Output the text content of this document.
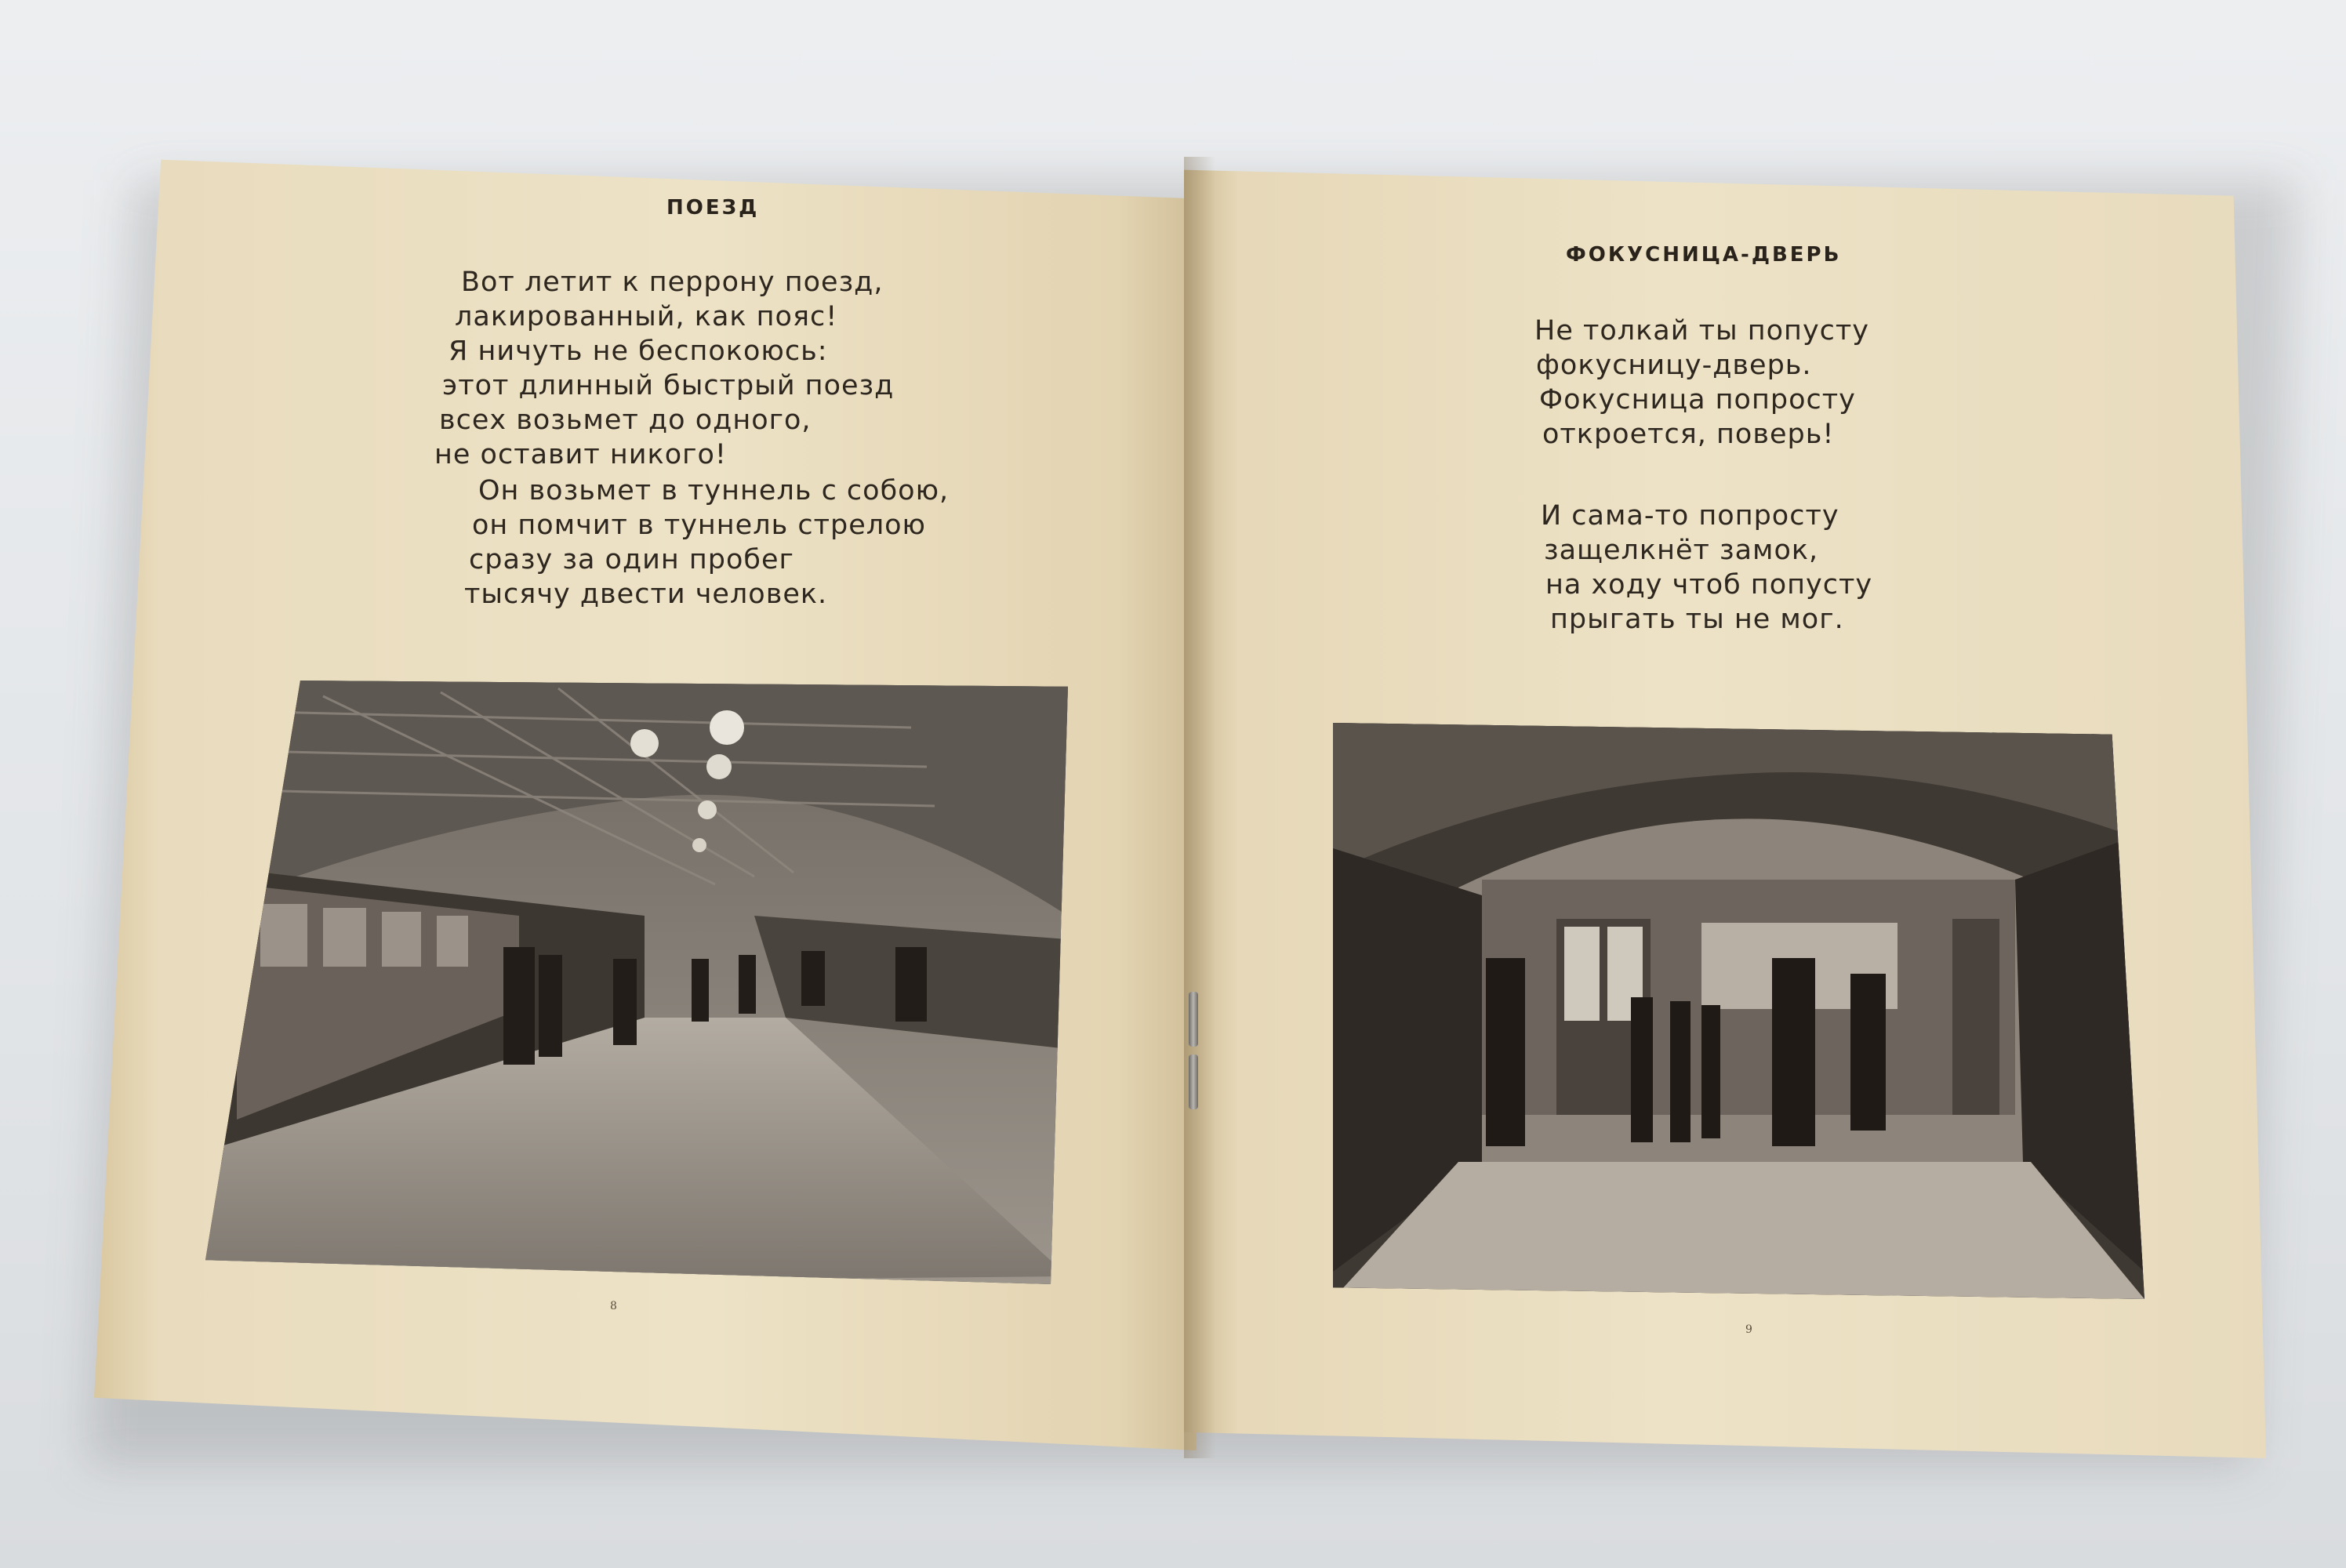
ПОЕЗД
Вот летит к перрону поезд,
лакированный, как пояс!
Я ничуть не беспокоюсь:
этот длинный быстрый поезд
всех возьмет до одного,
не оставит никого!
Он возьмет в туннель с собою,
он помчит в туннель стрелою
сразу за один пробег
тысячу двести человек.
8
ФОКУСНИЦА-ДВЕРЬ
Не толкай ты попусту
фокусницу-дверь.
Фокусница попросту
откроется, поверь!
И сама-то попросту
защелкнёт замок,
на ходу чтоб попусту
прыгать ты не мог.
9
